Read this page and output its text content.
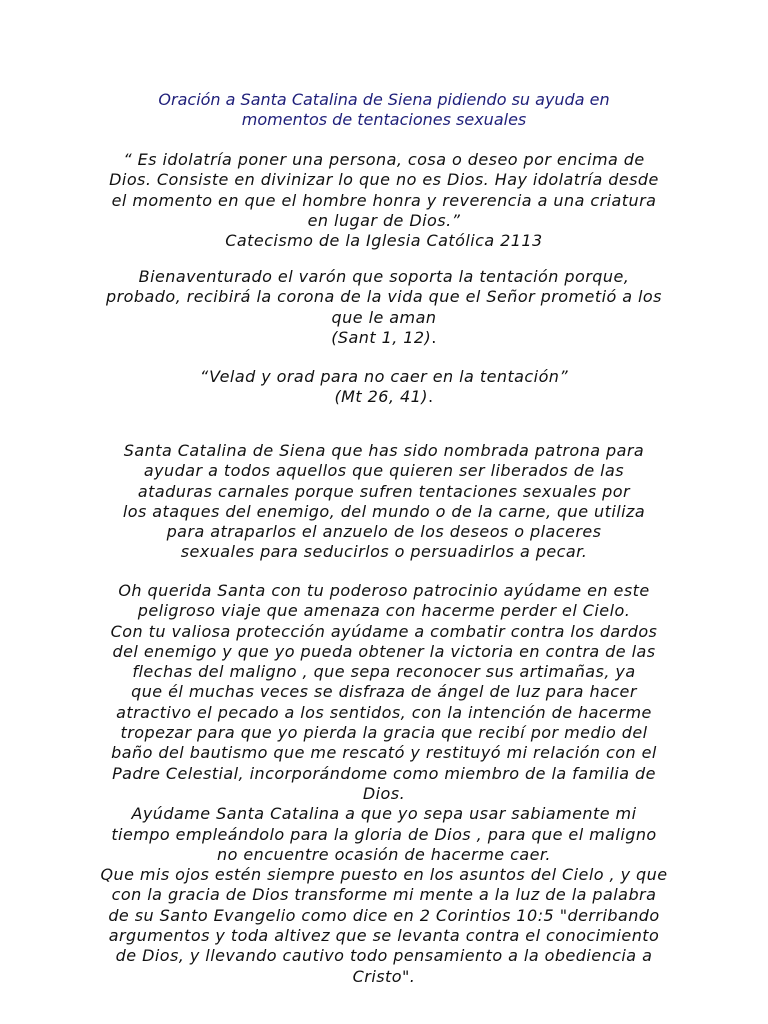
Oración a Santa Catalina de Siena pidiendo su ayuda en
momentos de tentaciones sexuales
“ Es idolatría poner una persona, cosa o deseo por encima de
Dios. Consiste en divinizar lo que no es Dios. Hay idolatría desde
el momento en que el hombre honra y reverencia a una criatura
en lugar de Dios.”
Catecismo de la Iglesia Católica 2113
Bienaventurado el varón que soporta la tentación porque,
probado, recibirá la corona de la vida que el Señor prometió a los
que le aman
(Sant 1, 12).
“Velad y orad para no caer en la tentación”
(Mt 26, 41).
Santa Catalina de Siena que has sido nombrada patrona para
ayudar a todos aquellos que quieren ser liberados de las
ataduras carnales porque sufren tentaciones sexuales por
los ataques del enemigo, del mundo o de la carne, que utiliza
para atraparlos el anzuelo de los deseos o placeres
sexuales para seducirlos o persuadirlos a pecar.
Oh querida Santa con tu poderoso patrocinio ayúdame en este
peligroso viaje que amenaza con hacerme perder el Cielo.
Con tu valiosa protección ayúdame a combatir contra los dardos
del enemigo y que yo pueda obtener la victoria en contra de las
flechas del maligno , que sepa reconocer sus artimañas, ya
que él muchas veces se disfraza de ángel de luz para hacer
atractivo el pecado a los sentidos, con la intención de hacerme
tropezar para que yo pierda la gracia que recibí por medio del
baño del bautismo que me rescató y restituyó mi relación con el
Padre Celestial, incorporándome como miembro de la familia de
Dios.
Ayúdame Santa Catalina a que yo sepa usar sabiamente mi
tiempo empleándolo para la gloria de Dios , para que el maligno
no encuentre ocasión de hacerme caer.
Que mis ojos estén siempre puesto en los asuntos del Cielo , y que
con la gracia de Dios transforme mi mente a la luz de la palabra
de su Santo Evangelio como dice en 2 Corintios 10:5 "derribando
argumentos y toda altivez que se levanta contra el conocimiento
de Dios, y llevando cautivo todo pensamiento a la obediencia a
Cristo".
